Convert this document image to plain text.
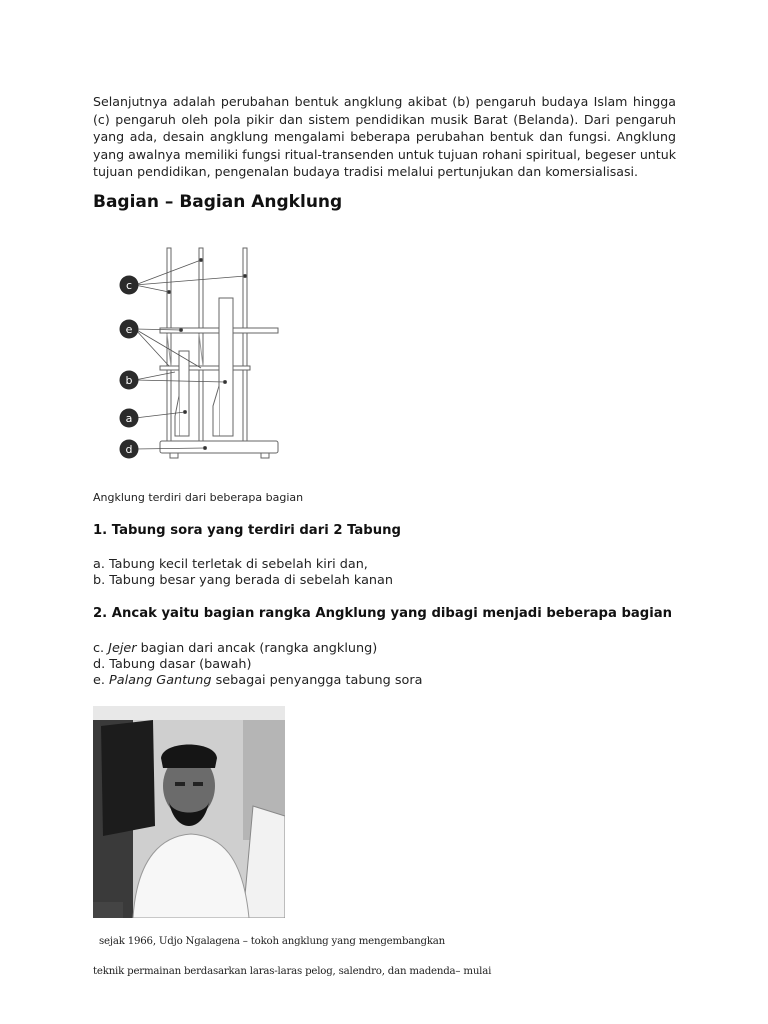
Selanjutnya adalah perubahan bentuk angklung akibat (b) pengaruh budaya Islam hingga (c) pengaruh oleh pola pikir dan sistem pendidikan musik Barat (Belanda). Dari pengaruh yang ada, desain angklung mengalami beberapa perubahan bentuk dan fungsi. Angklung yang awalnya memiliki fungsi ritual-transenden untuk tujuan rohani spiritual, begeser untuk tujuan pendidikan, pengenalan budaya tradisi melalui pertunjukan dan komersialisasi.

Bagian – Bagian Angklung
c
e
b
a
d

Angklung terdiri dari beberapa bagian

1. Tabung sora yang terdiri dari 2 Tabung

a. Tabung kecil terletak di sebelah kiri dan,
b. Tabung besar yang berada di sebelah kanan

2. Ancak yaitu bagian rangka Angklung yang dibagi menjadi beberapa bagian

c. Jejer bagian dari ancak (rangka angklung)
d. Tabung dasar (bawah)
e. Palang Gantung sebagai penyangga tabung sora

sejak 1966, Udjo Ngalagena – tokoh angklung yang mengembangkan

teknik permainan berdasarkan laras-laras pelog, salendro, dan madenda– mulai
